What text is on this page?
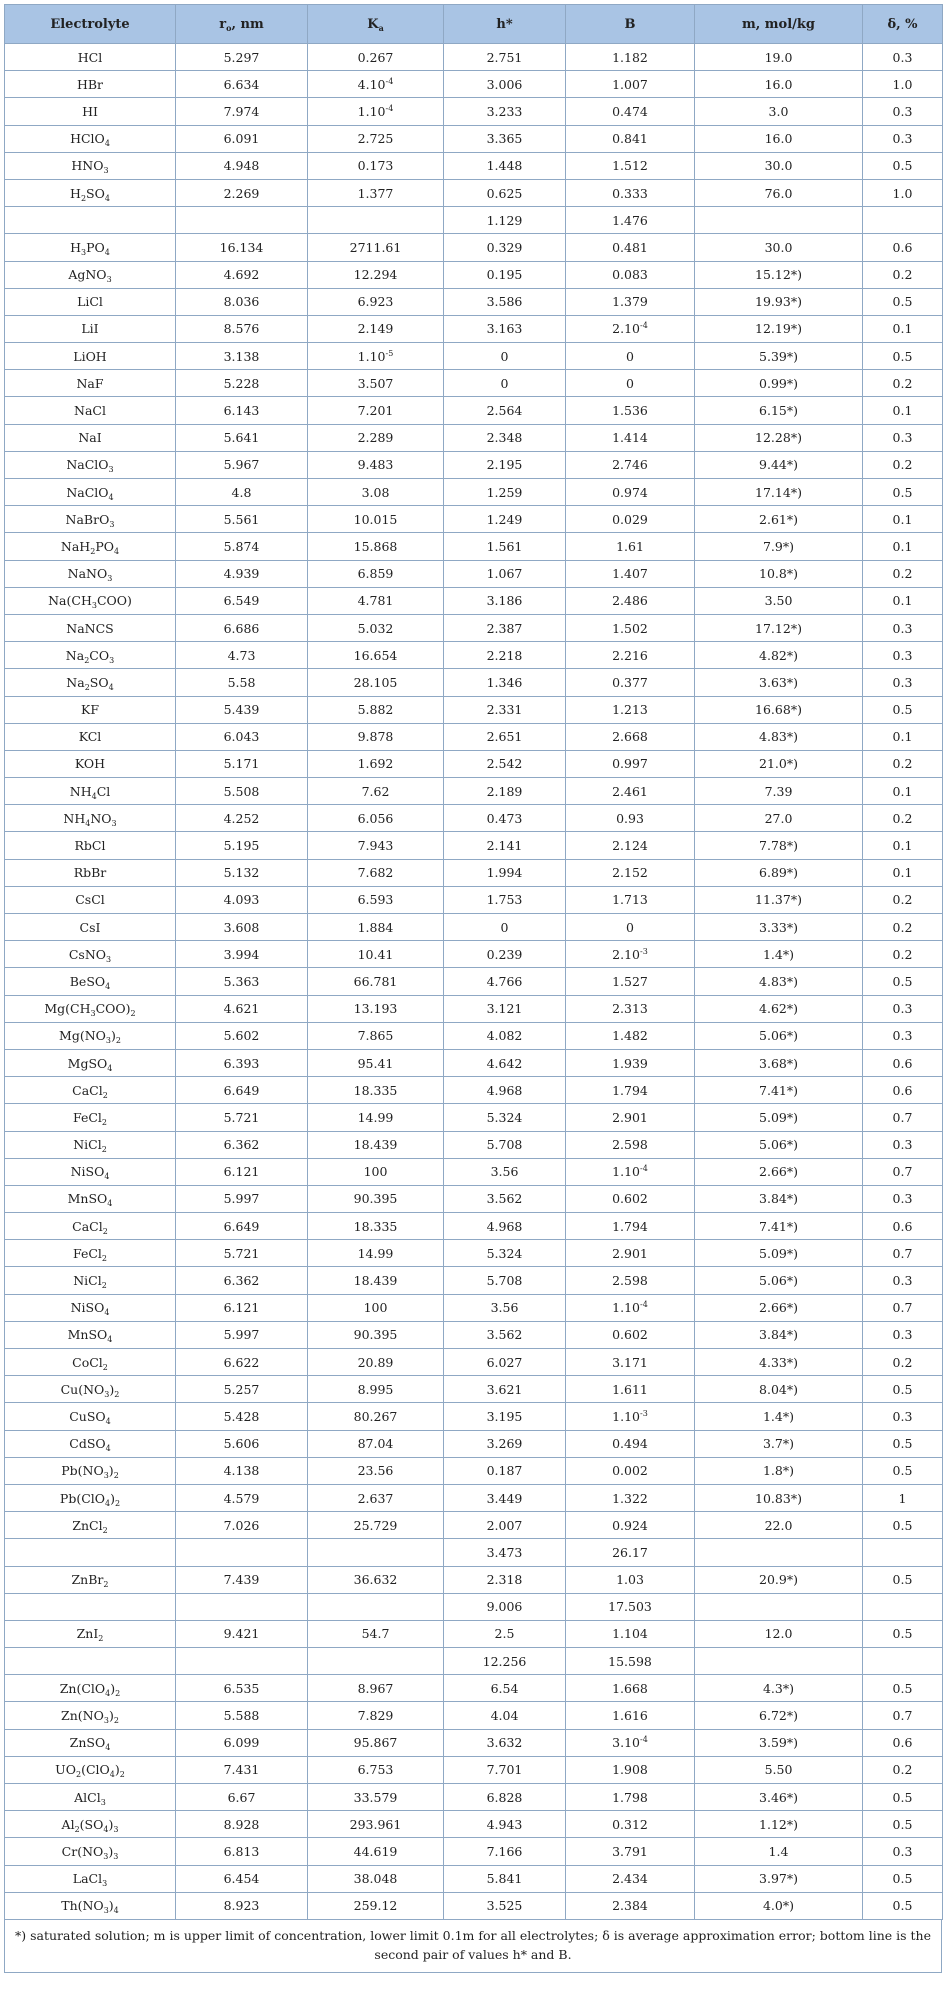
Electrolyte	$r_o$, nm	$K_a$	h*	B	m, mol/kg	δ, %
HCl	5.297	0.267	2.751	1.182	19.0	0.3
HBr	6.634	$4.10^{-4}$	3.006	1.007	16.0	1.0
HI	7.974	$1.10^{-4}$	3.233	0.474	3.0	0.3
HClO$_4$	6.091	2.725	3.365	0.841	16.0	0.3
$HNO_3$	4.948	0.173	1.448	1.512	30.0	0.5
$H_2SO_4$	2.269	1.377	0.625	0.333	76.0	1.0
			1.129	1.476		
$H_3PO_4$	16.134	2711.61	0.329	0.481	30.0	0.6
AgNO$_3$	4.692	12.294	0.195	0.083	15.12*)	0.2
LiCl	8.036	6.923	3.586	1.379	19.93*)	0.5
LiI	8.576	2.149	3.163	$2.10^{-4}$	12.19*)	0.1
LiOH	3.138	$1.10^{-5}$	0	0	5.39*)	0.5
NaF	5.228	3.507	0	0	0.99*)	0.2
NaCl	6.143	7.201	2.564	1.536	6.15*)	0.1
NaI	5.641	2.289	2.348	1.414	12.28*)	0.3
NaClO$_3$	5.967	9.483	2.195	2.746	9.44*)	0.2
NaClO$_4$	4.8	3.08	1.259	0.974	17.14*)	0.5
NaBrO$_3$	5.561	10.015	1.249	0.029	2.61*)	0.1
$NaH_2PO_4$	5.874	15.868	1.561	1.61	7.9*)	0.1
NaNO$_3$	4.939	6.859	1.067	1.407	10.8*)	0.2
$Na(CH_3COO)$	6.549	4.781	3.186	2.486	3.50	0.1
NaNCS	6.686	5.032	2.387	1.502	17.12*)	0.3
$Na_2CO_3$	4.73	16.654	2.218	2.216	4.82*)	0.3
$Na_2SO_4$	5.58	28.105	1.346	0.377	3.63*)	0.3
KF	5.439	5.882	2.331	1.213	16.68*)	0.5
KCl	6.043	9.878	2.651	2.668	4.83*)	0.1
KOH	5.171	1.692	2.542	0.997	21.0*)	0.2
$NH_4Cl$	5.508	7.62	2.189	2.461	7.39	0.1
$NH_4NO_3$	4.252	6.056	0.473	0.93	27.0	0.2
RbCl	5.195	7.943	2.141	2.124	7.78*)	0.1
RbBr	5.132	7.682	1.994	2.152	6.89*)	0.1
CsCl	4.093	6.593	1.753	1.713	11.37*)	0.2
CsI	3.608	1.884	0	0	3.33*)	0.2
CsNO$_3$	3.994	10.41	0.239	$2.10^{-3}$	1.4*)	0.2
BeSO$_4$	5.363	66.781	4.766	1.527	4.83*)	0.5
$Mg(CH_3COO)_2$	4.621	13.193	3.121	2.313	4.62*)	0.3
$Mg(NO_3)_2$	5.602	7.865	4.082	1.482	5.06*)	0.3
MgSO$_4$	6.393	95.41	4.642	1.939	3.68*)	0.6
CaCl$_2$	6.649	18.335	4.968	1.794	7.41*)	0.6
FeCl$_2$	5.721	14.99	5.324	2.901	5.09*)	0.7
NiCl$_2$	6.362	18.439	5.708	2.598	5.06*)	0.3
NiSO$_4$	6.121	100	3.56	$1.10^{-4}$	2.66*)	0.7
MnSO$_4$	5.997	90.395	3.562	0.602	3.84*)	0.3
CaCl$_2$	6.649	18.335	4.968	1.794	7.41*)	0.6
FeCl$_2$	5.721	14.99	5.324	2.901	5.09*)	0.7
NiCl$_2$	6.362	18.439	5.708	2.598	5.06*)	0.3
NiSO$_4$	6.121	100	3.56	$1.10^{-4}$	2.66*)	0.7
MnSO$_4$	5.997	90.395	3.562	0.602	3.84*)	0.3
CoCl$_2$	6.622	20.89	6.027	3.171	4.33*)	0.2
$Cu(NO_3)_2$	5.257	8.995	3.621	1.611	8.04*)	0.5
CuSO$_4$	5.428	80.267	3.195	$1.10^{-3}$	1.4*)	0.3
CdSO$_4$	5.606	87.04	3.269	0.494	3.7*)	0.5
$Pb(NO_3)_2$	4.138	23.56	0.187	0.002	1.8*)	0.5
$Pb(ClO_4)_2$	4.579	2.637	3.449	1.322	10.83*)	1
ZnCl$_2$	7.026	25.729	2.007	0.924	22.0	0.5
			3.473	26.17		
ZnBr$_2$	7.439	36.632	2.318	1.03	20.9*)	0.5
			9.006	17.503		
ZnI$_2$	9.421	54.7	2.5	1.104	12.0	0.5
			12.256	15.598		
$Zn(ClO_4)_2$	6.535	8.967	6.54	1.668	4.3*)	0.5
$Zn(NO_3)_2$	5.588	7.829	4.04	1.616	6.72*)	0.7
ZnSO$_4$	6.099	95.867	3.632	$3.10^{-4}$	3.59*)	0.6
$UO_2(ClO_4)_2$	7.431	6.753	7.701	1.908	5.50	0.2
AlCl$_3$	6.67	33.579	6.828	1.798	3.46*)	0.5
$Al_2(SO_4)_3$	8.928	293.961	4.943	0.312	1.12*)	0.5
$Cr(NO_3)_3$	6.813	44.619	7.166	3.791	1.4	0.3
LaCl$_3$	6.454	38.048	5.841	2.434	3.97*)	0.5
$Th(NO_3)_4$	8.923	259.12	3.525	2.384	4.0*)	0.5
*) saturated solution; m is upper limit of concentration, lower limit 0.1m for all electrolytes; δ is average approximation error; bottom line is the second pair of values h* and B.
